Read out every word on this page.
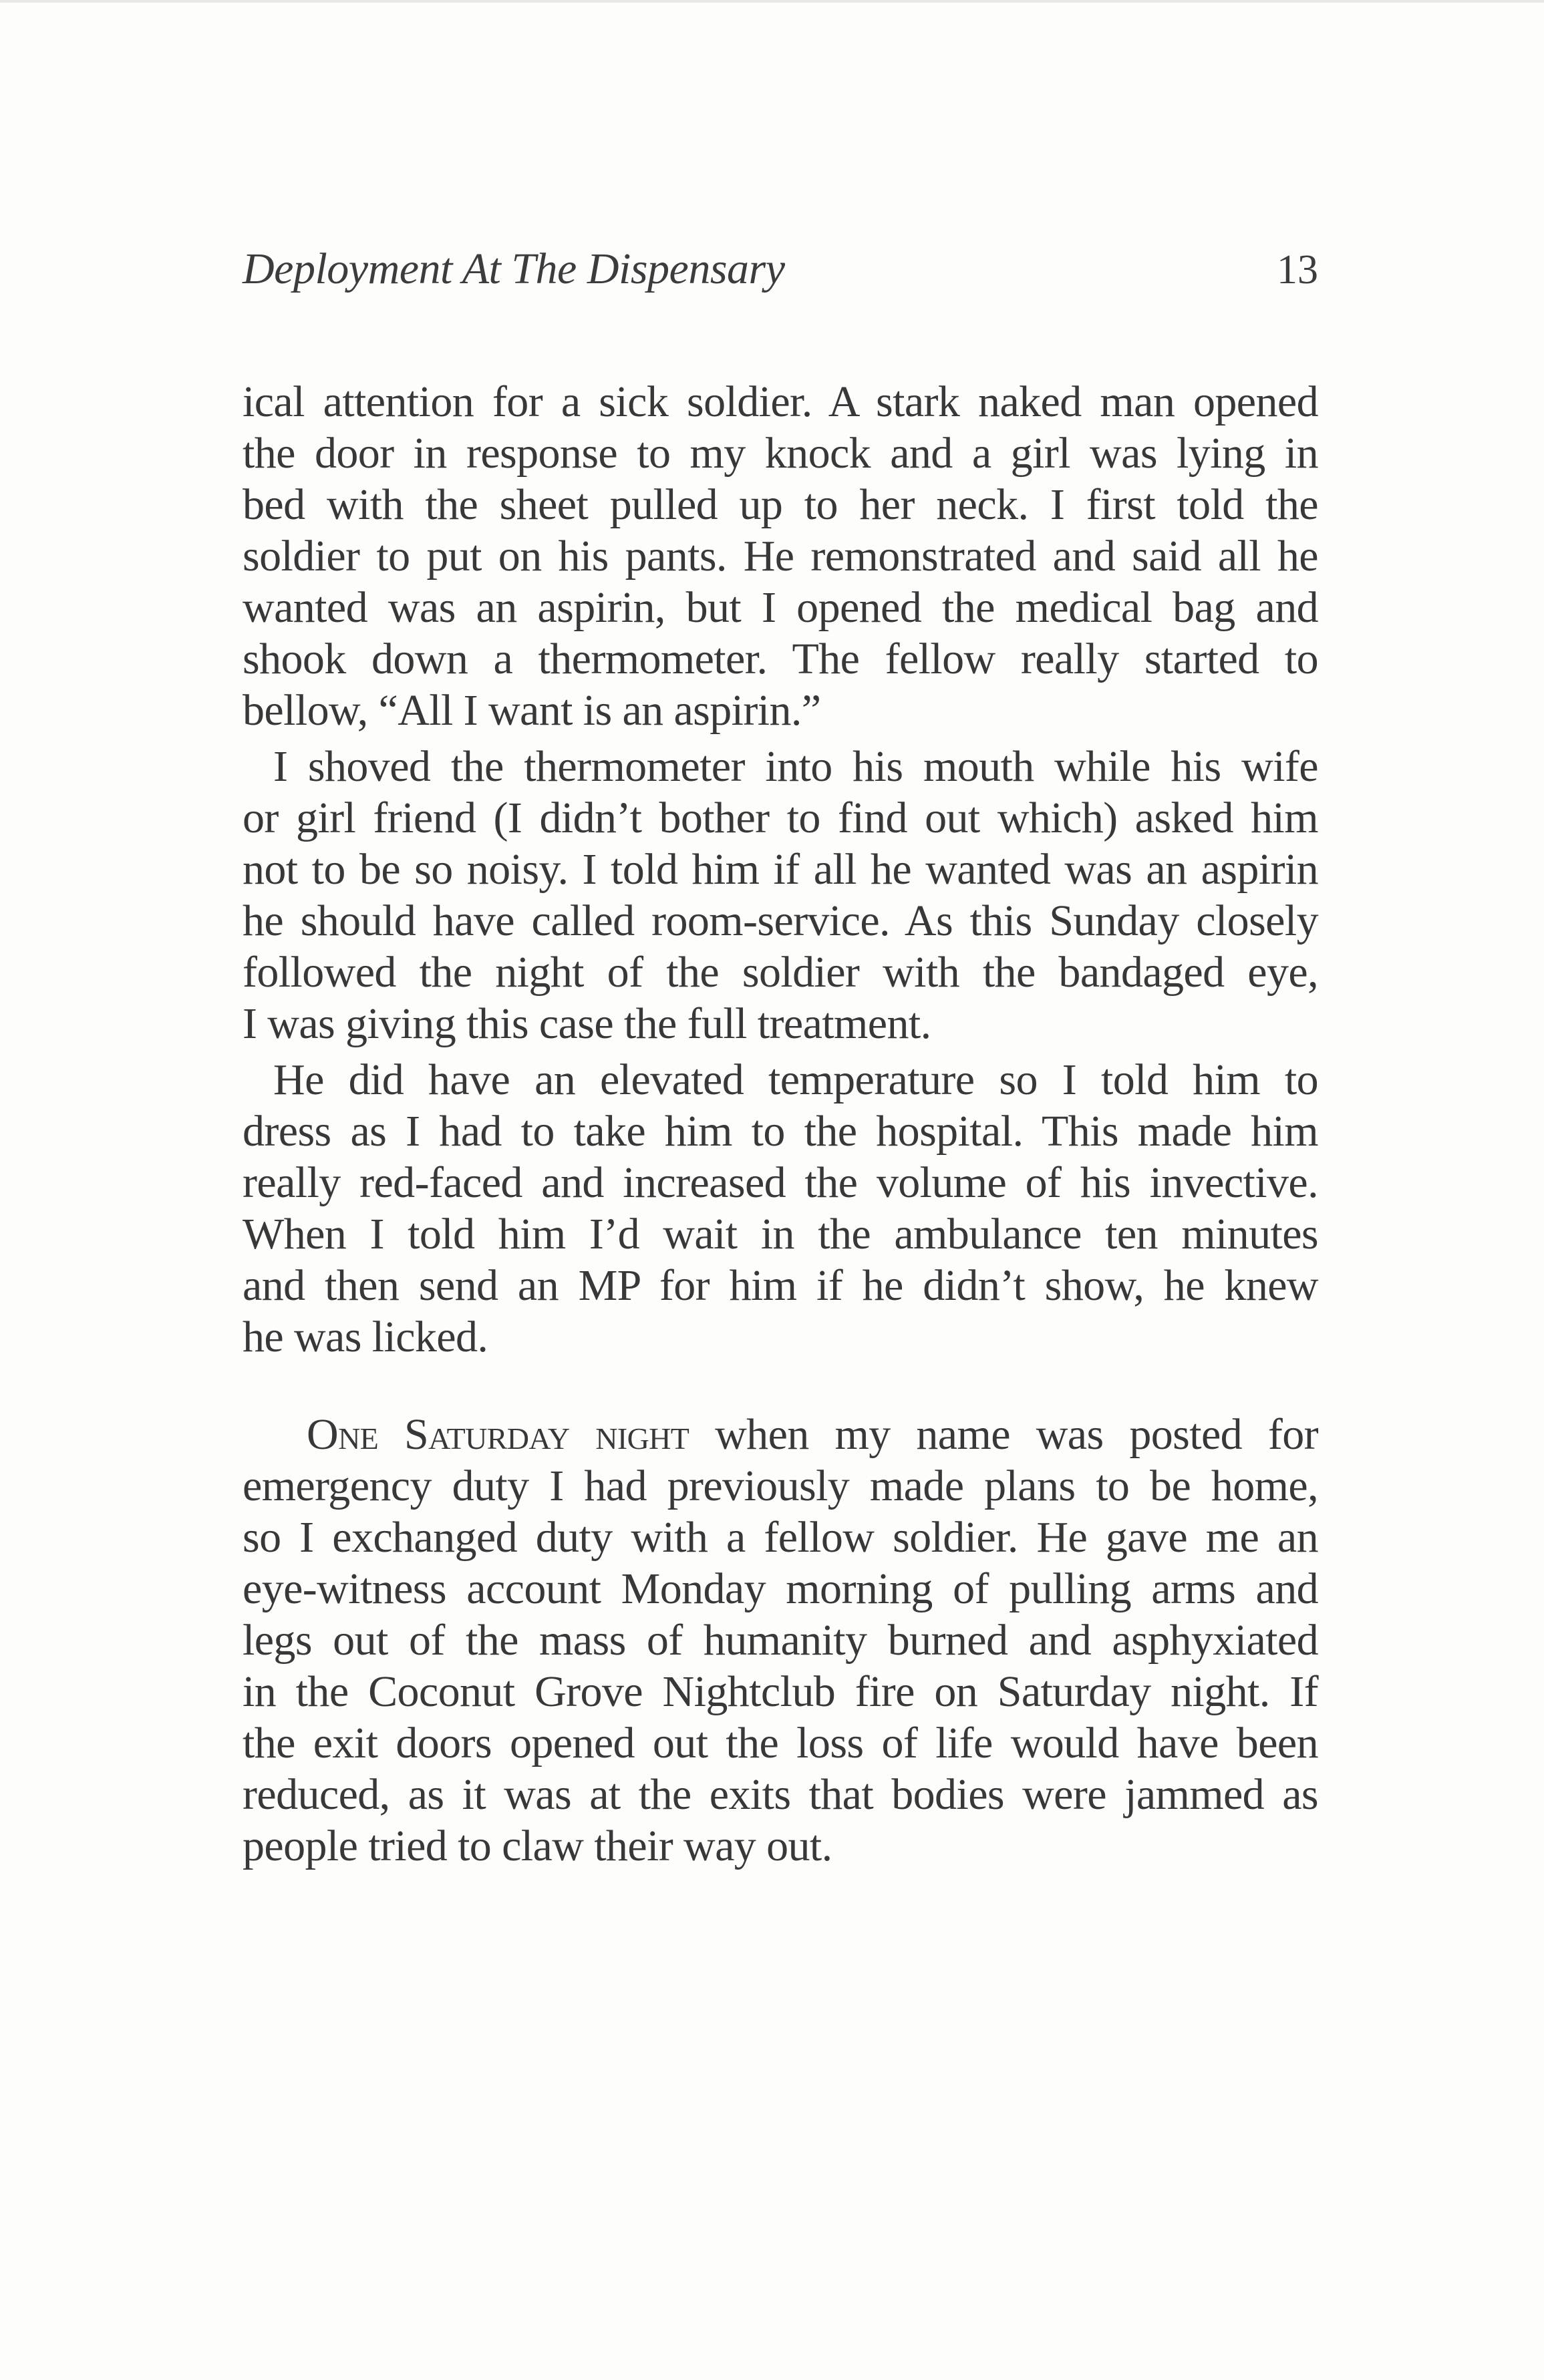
Deployment At The Dispensary	13
ical attention for a sick soldier. A stark naked man opened
the door in response to my knock and a girl was lying in
bed with the sheet pulled up to her neck. I first told the
soldier to put on his pants. He remonstrated and said all he
wanted was an aspirin, but I opened the medical bag and
shook down a thermometer. The fellow really started to
bellow, “All I want is an aspirin.”
I shoved the thermometer into his mouth while his wife
or girl friend (I didn’t bother to find out which) asked him
not to be so noisy. I told him if all he wanted was an aspirin
he should have called room-service. As this Sunday closely
followed the night of the soldier with the bandaged eye,
I was giving this case the full treatment.
He did have an elevated temperature so I told him to
dress as I had to take him to the hospital. This made him
really red-faced and increased the volume of his invective.
When I told him I’d wait in the ambulance ten minutes
and then send an MP for him if he didn’t show, he knew
he was licked.
One Saturday night when my name was posted for
emergency duty I had previously made plans to be home,
so I exchanged duty with a fellow soldier. He gave me an
eye-witness account Monday morning of pulling arms and
legs out of the mass of humanity burned and asphyxiated
in the Coconut Grove Nightclub fire on Saturday night. If
the exit doors opened out the loss of life would have been
reduced, as it was at the exits that bodies were jammed as
people tried to claw their way out.
